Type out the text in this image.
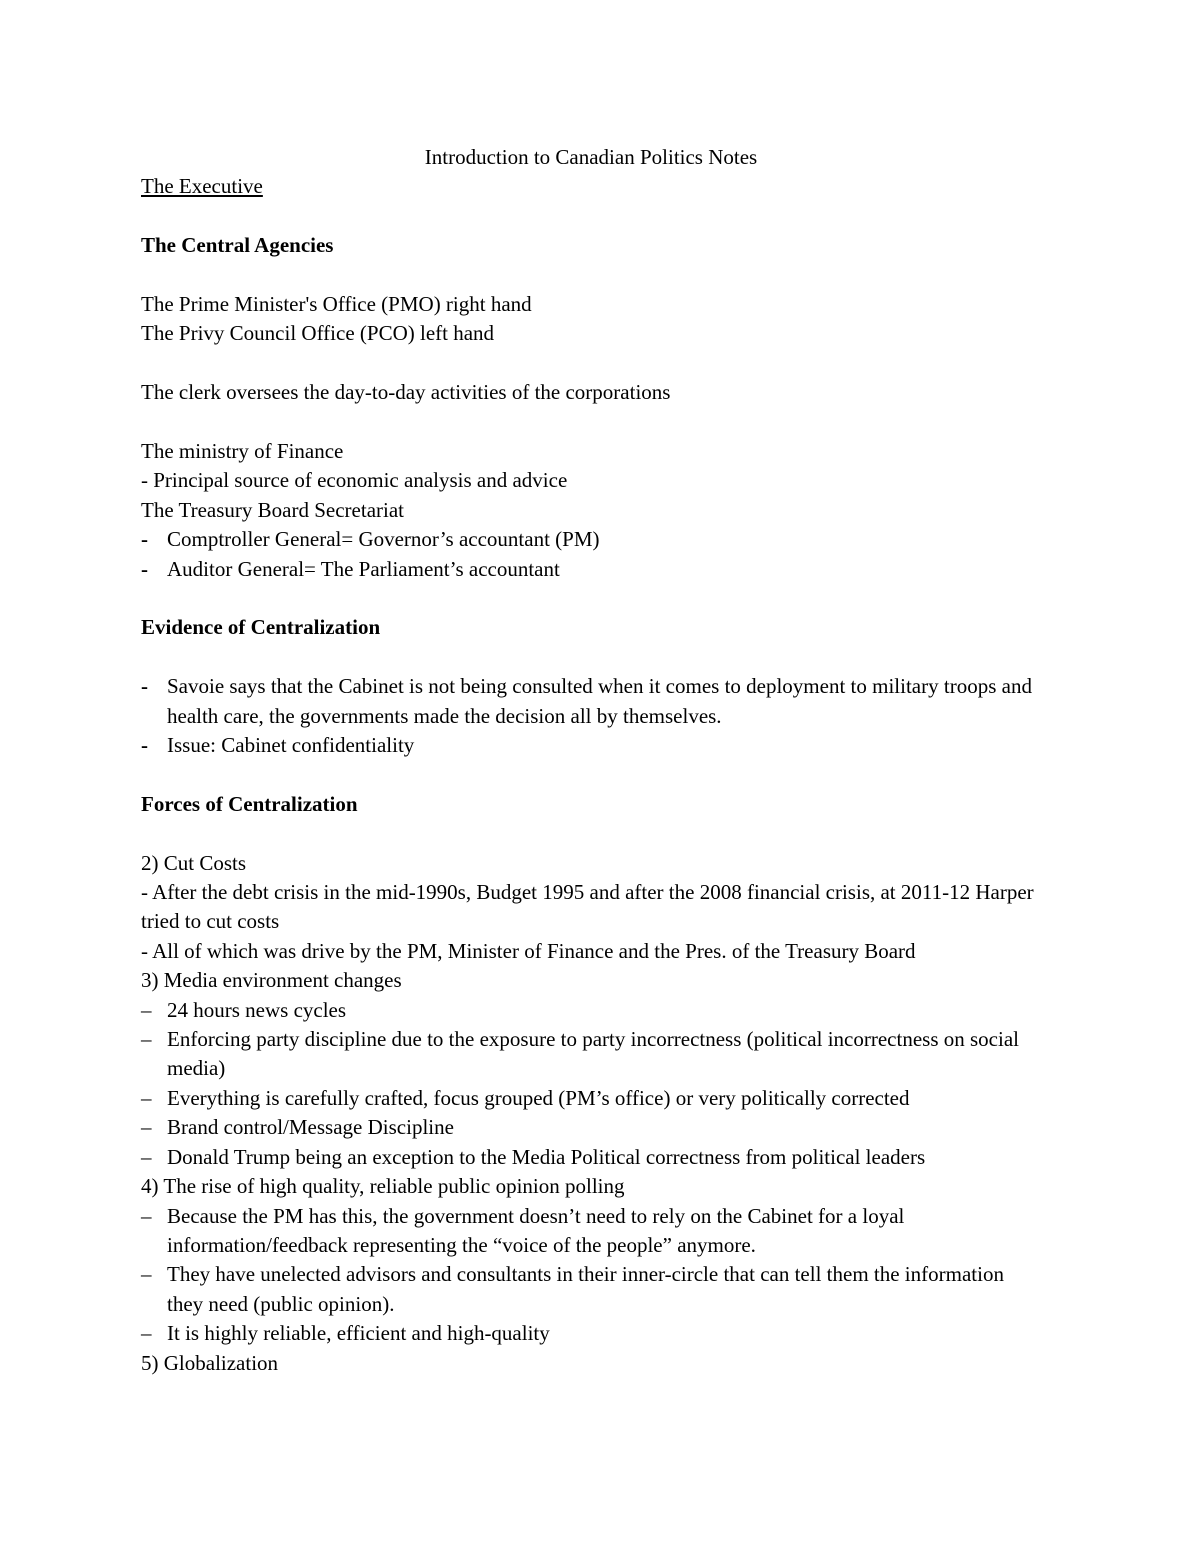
Introduction to Canadian Politics Notes

The Executive

The Central Agencies

The Prime Minister's Office (PMO) right hand

The Privy Council Office (PCO) left hand

The clerk oversees the day-to-day activities of the corporations

The ministry of Finance

- Principal source of economic analysis and advice

The Treasury Board Secretariat

- Comptroller General= Governor’s accountant (PM)
- Auditor General= The Parliament’s accountant

Evidence of Centralization

- Savoie says that the Cabinet is not being consulted when it comes to deployment to military troops and health care, the governments made the decision all by themselves.
- Issue: Cabinet confidentiality

Forces of Centralization

2) Cut Costs

- After the debt crisis in the mid-1990s, Budget 1995 and after the 2008 financial crisis, at 2011-12 Harper tried to cut costs

- All of which was drive by the PM, Minister of Finance and the Pres. of the Treasury Board

3) Media environment changes

– 24 hours news cycles
– Enforcing party discipline due to the exposure to party incorrectness (political incorrectness on social media)
– Everything is carefully crafted, focus grouped (PM’s office) or very politically corrected
– Brand control/Message Discipline
– Donald Trump being an exception to the Media Political correctness from political leaders

4) The rise of high quality, reliable public opinion polling

– Because the PM has this, the government doesn’t need to rely on the Cabinet for a loyal information/feedback representing the “voice of the people” anymore.
– They have unelected advisors and consultants in their inner-circle that can tell them the information they need (public opinion).
– It is highly reliable, efficient and high-quality

5) Globalization
